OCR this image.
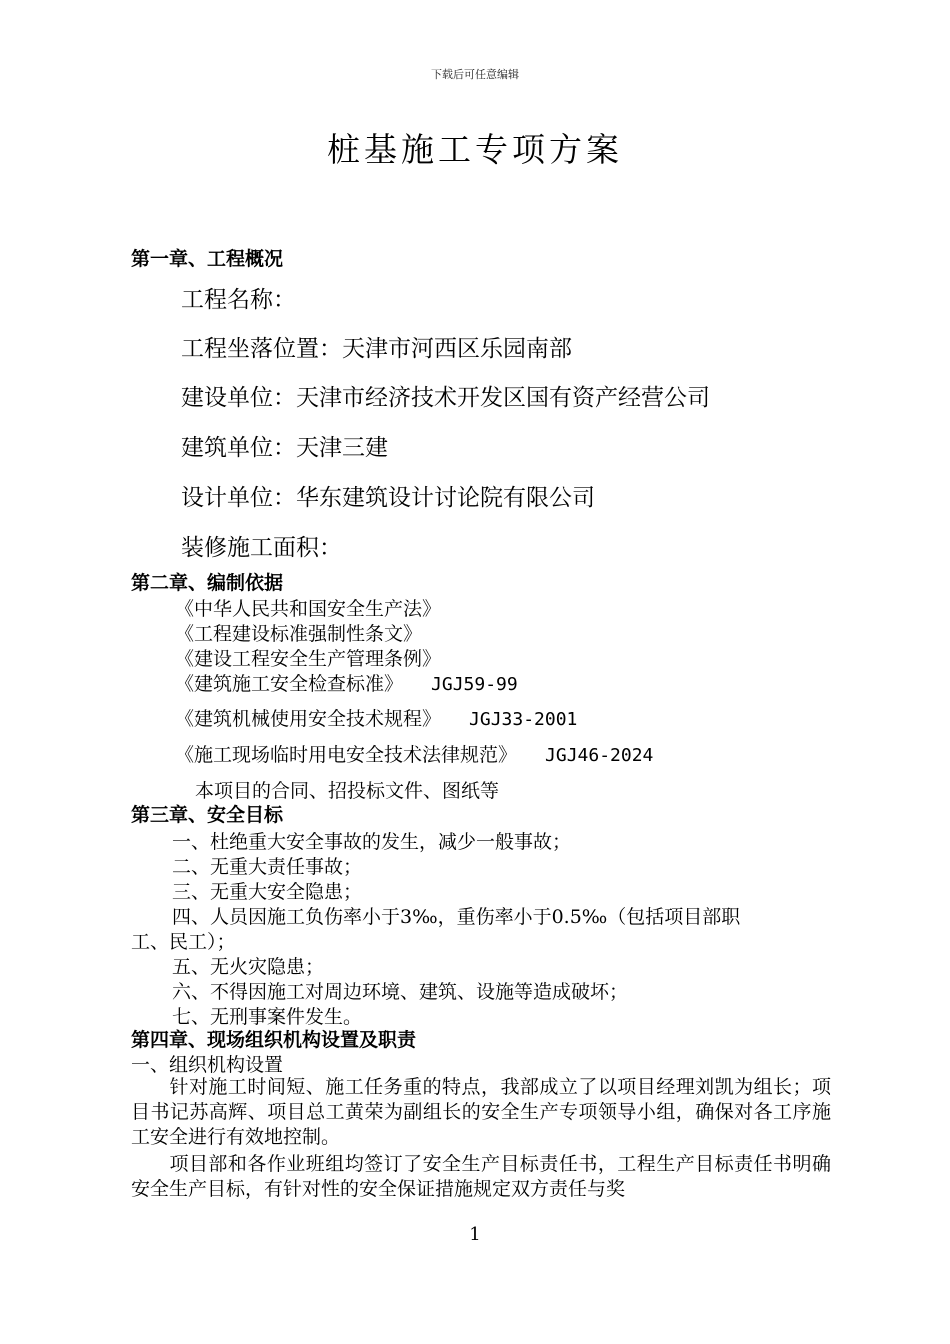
下载后可任意编辑
桩基施工专项方案
第一章、工程概况
工程名称：
工程坐落位置：天津市河西区乐园南部
建设单位：天津市经济技术开发区国有资产经营公司
建筑单位：天津三建
设计单位：华东建筑设计讨论院有限公司
装修施工面积：
第二章、编制依据
《中华人民共和国安全生产法》
《工程建设标准强制性条文》
《建设工程安全生产管理条例》
《建筑施工安全检查标准》 JGJ59-99
《建筑机械使用安全技术规程》 JGJ33-2001
《施工现场临时用电安全技术法律规范》 JGJ46-2024
本项目的合同、招投标文件、图纸等
第三章、安全目标
一、杜绝重大安全事故的发生，减少一般事故；
二、无重大责任事故；
三、无重大安全隐患；
四、人员因施工负伤率小于3‰，重伤率小于0.5‰（包括项目部职
工、民工）；
五、无火灾隐患；
六、不得因施工对周边环境、建筑、设施等造成破坏；
七、无刑事案件发生。
第四章、现场组织机构设置及职责
一、组织机构设置
针对施工时间短、施工任务重的特点，我部成立了以项目经理刘凯为组长；项目书记苏高辉、项目总工黄荣为副组长的安全生产专项领导小组，确保对各工序施工安全进行有效地控制。
项目部和各作业班组均签订了安全生产目标责任书，工程生产目标责任书明确安全生产目标，有针对性的安全保证措施规定双方责任与奖
1
